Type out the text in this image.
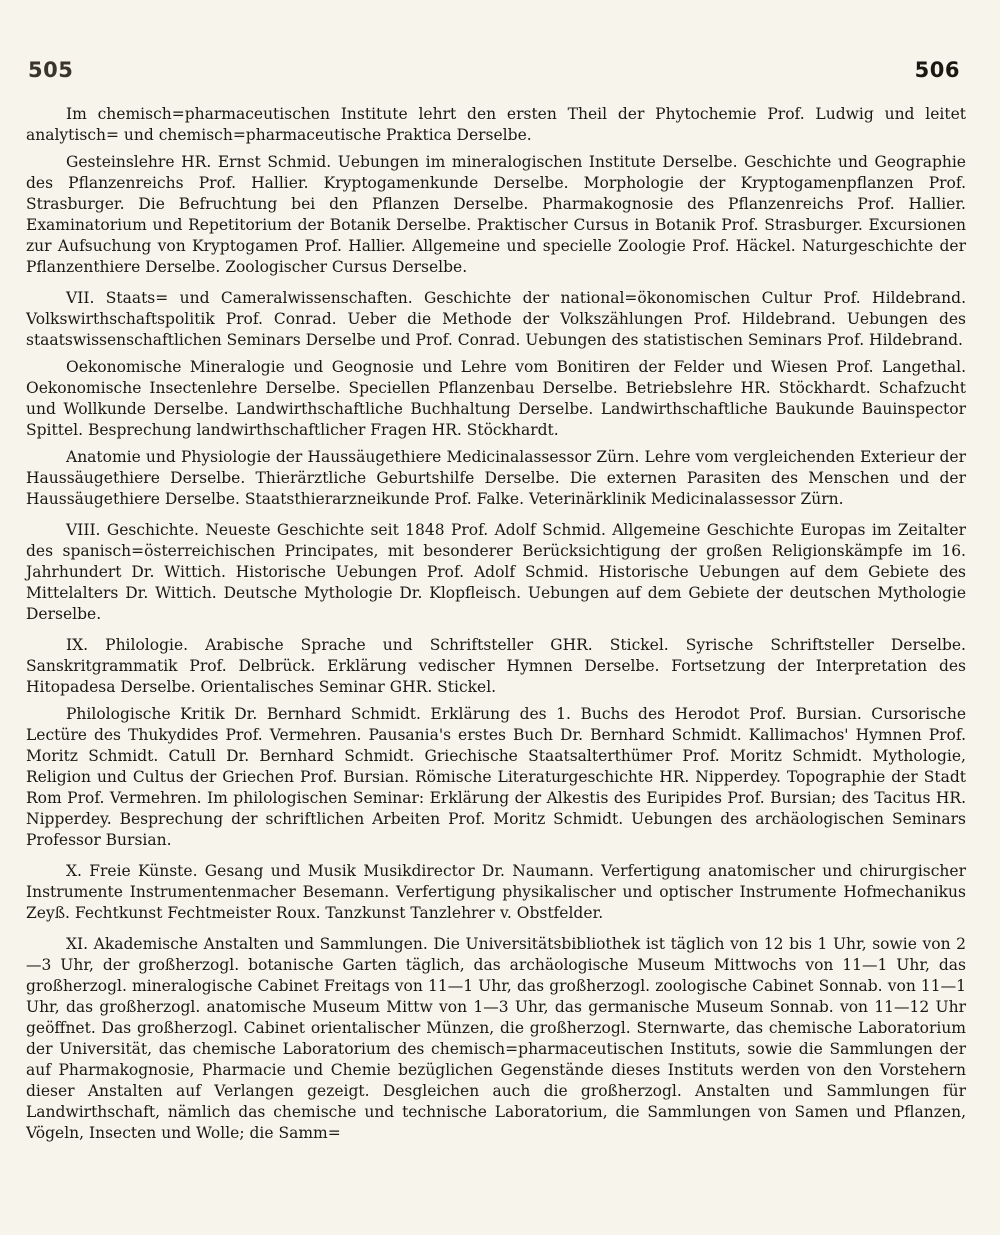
505	506

Im chemisch=pharmaceutischen Institute lehrt den ersten Theil der Phytochemie Prof. Ludwig und leitet analytisch= und chemisch=pharmaceutische Praktica Derselbe.

Gesteinslehre HR. Ernst Schmid. Uebungen im mineralogischen Institute Derselbe. Geschichte und Geographie des Pflanzenreichs Prof. Hallier. Kryptogamenkunde Derselbe. Morphologie der Kryptogamenpflanzen Prof. Strasburger. Die Befruchtung bei den Pflanzen Derselbe. Pharmakognosie des Pflanzenreichs Prof. Hallier. Examinatorium und Repetitorium der Botanik Derselbe. Praktischer Cursus in Botanik Prof. Strasburger. Excursionen zur Aufsuchung von Kryptogamen Prof. Hallier. Allgemeine und specielle Zoologie Prof. Häckel. Naturgeschichte der Pflanzenthiere Derselbe. Zoologischer Cursus Derselbe.

VII. Staats= und Cameralwissenschaften. Geschichte der national=ökonomischen Cultur Prof. Hildebrand. Volkswirthschaftspolitik Prof. Conrad. Ueber die Methode der Volkszählungen Prof. Hildebrand. Uebungen des staatswissenschaftlichen Seminars Derselbe und Prof. Conrad. Uebungen des statistischen Seminars Prof. Hildebrand.

Oekonomische Mineralogie und Geognosie und Lehre vom Bonitiren der Felder und Wiesen Prof. Langethal. Oekonomische Insectenlehre Derselbe. Speciellen Pflanzenbau Derselbe. Betriebslehre HR. Stöckhardt. Schafzucht und Wollkunde Derselbe. Landwirthschaftliche Buchhaltung Derselbe. Landwirthschaftliche Baukunde Bauinspector Spittel. Besprechung landwirthschaftlicher Fragen HR. Stöckhardt.

Anatomie und Physiologie der Haussäugethiere Medicinalassessor Zürn. Lehre vom vergleichenden Exterieur der Haussäugethiere Derselbe. Thierärztliche Geburtshilfe Derselbe. Die externen Parasiten des Menschen und der Haussäugethiere Derselbe. Staatsthierarzneikunde Prof. Falke. Veterinärklinik Medicinalassessor Zürn.

VIII. Geschichte. Neueste Geschichte seit 1848 Prof. Adolf Schmid. Allgemeine Geschichte Europas im Zeitalter des spanisch=österreichischen Principates, mit besonderer Berücksichtigung der großen Religionskämpfe im 16. Jahrhundert Dr. Wittich. Historische Uebungen Prof. Adolf Schmid. Historische Uebungen auf dem Gebiete des Mittelalters Dr. Wittich. Deutsche Mythologie Dr. Klopfleisch. Uebungen auf dem Gebiete der deutschen Mythologie Derselbe.

IX. Philologie. Arabische Sprache und Schriftsteller GHR. Stickel. Syrische Schriftsteller Derselbe. Sanskritgrammatik Prof. Delbrück. Erklärung vedischer Hymnen Derselbe. Fortsetzung der Interpretation des Hitopadesa Derselbe. Orientalisches Seminar GHR. Stickel.

Philologische Kritik Dr. Bernhard Schmidt. Erklärung des 1. Buchs des Herodot Prof. Bursian. Cursorische Lectüre des Thukydides Prof. Vermehren. Pausania's erstes Buch Dr. Bernhard Schmidt. Kallimachos' Hymnen Prof. Moritz Schmidt. Catull Dr. Bernhard Schmidt. Griechische Staatsalterthümer Prof. Moritz Schmidt. Mythologie, Religion und Cultus der Griechen Prof. Bursian. Römische Literaturgeschichte HR. Nipperdey. Topographie der Stadt Rom Prof. Vermehren. Im philologischen Seminar: Erklärung der Alkestis des Euripides Prof. Bursian; des Tacitus HR. Nipperdey. Besprechung der schriftlichen Arbeiten Prof. Moritz Schmidt. Uebungen des archäologischen Seminars Professor Bursian.

X. Freie Künste. Gesang und Musik Musikdirector Dr. Naumann. Verfertigung anatomischer und chirurgischer Instrumente Instrumentenmacher Besemann. Verfertigung physikalischer und optischer Instrumente Hofmechanikus Zeyß. Fechtkunst Fechtmeister Roux. Tanzkunst Tanzlehrer v. Obstfelder.

XI. Akademische Anstalten und Sammlungen. Die Universitätsbibliothek ist täglich von 12 bis 1 Uhr, sowie von 2—3 Uhr, der großherzogl. botanische Garten täglich, das archäologische Museum Mittwochs von 11—1 Uhr, das großherzogl. mineralogische Cabinet Freitags von 11—1 Uhr, das großherzogl. zoologische Cabinet Sonnab. von 11—1 Uhr, das großherzogl. anatomische Museum Mittw von 1—3 Uhr, das germanische Museum Sonnab. von 11—12 Uhr geöffnet. Das großherzogl. Cabinet orientalischer Münzen, die großherzogl. Sternwarte, das chemische Laboratorium der Universität, das chemische Laboratorium des chemisch=pharmaceutischen Instituts, sowie die Sammlungen der auf Pharmakognosie, Pharmacie und Chemie bezüglichen Gegenstände dieses Instituts werden von den Vorstehern dieser Anstalten auf Verlangen gezeigt. Desgleichen auch die großherzogl. Anstalten und Sammlungen für Landwirthschaft, nämlich das chemische und technische Laboratorium, die Sammlungen von Samen und Pflanzen, Vögeln, Insecten und Wolle; die Samm=
